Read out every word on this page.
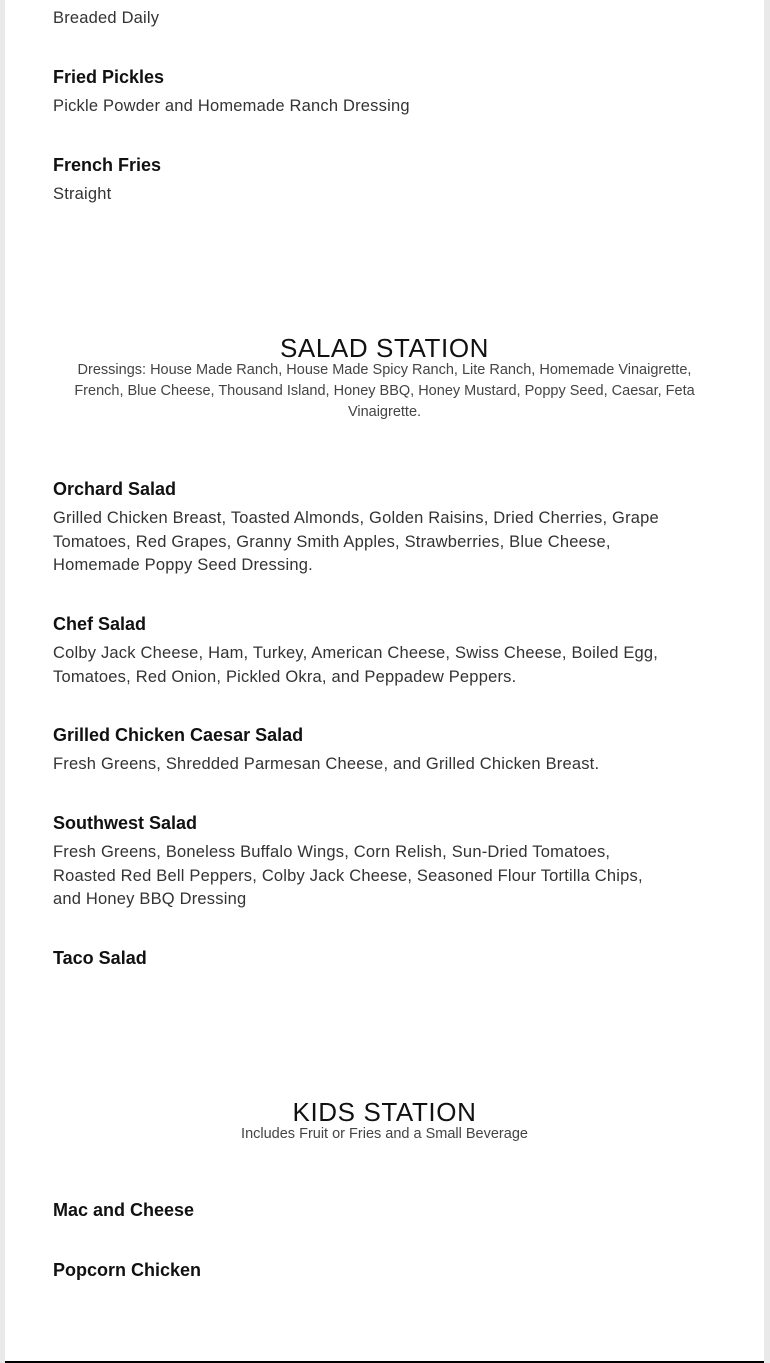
Breaded Daily

Fried Pickles

Pickle Powder and Homemade Ranch Dressing

French Fries

Straight

SALAD STATION
Dressings: House Made Ranch, House Made Spicy Ranch, Lite Ranch, Homemade Vinaigrette, French, Blue Cheese, Thousand Island, Honey BBQ, Honey Mustard, Poppy Seed, Caesar, Feta Vinaigrette.

Orchard Salad

Grilled Chicken Breast, Toasted Almonds, Golden Raisins, Dried Cherries, Grape Tomatoes, Red Grapes, Granny Smith Apples, Strawberries, Blue Cheese, Homemade Poppy Seed Dressing.

Chef Salad

Colby Jack Cheese, Ham, Turkey, American Cheese, Swiss Cheese, Boiled Egg, Tomatoes, Red Onion, Pickled Okra, and Peppadew Peppers.

Grilled Chicken Caesar Salad

Fresh Greens, Shredded Parmesan Cheese, and Grilled Chicken Breast.

Southwest Salad

Fresh Greens, Boneless Buffalo Wings, Corn Relish, Sun-Dried Tomatoes, Roasted Red Bell Peppers, Colby Jack Cheese, Seasoned Flour Tortilla Chips, and Honey BBQ Dressing

Taco Salad

KIDS STATION
Includes Fruit or Fries and a Small Beverage

Mac and Cheese

Popcorn Chicken
